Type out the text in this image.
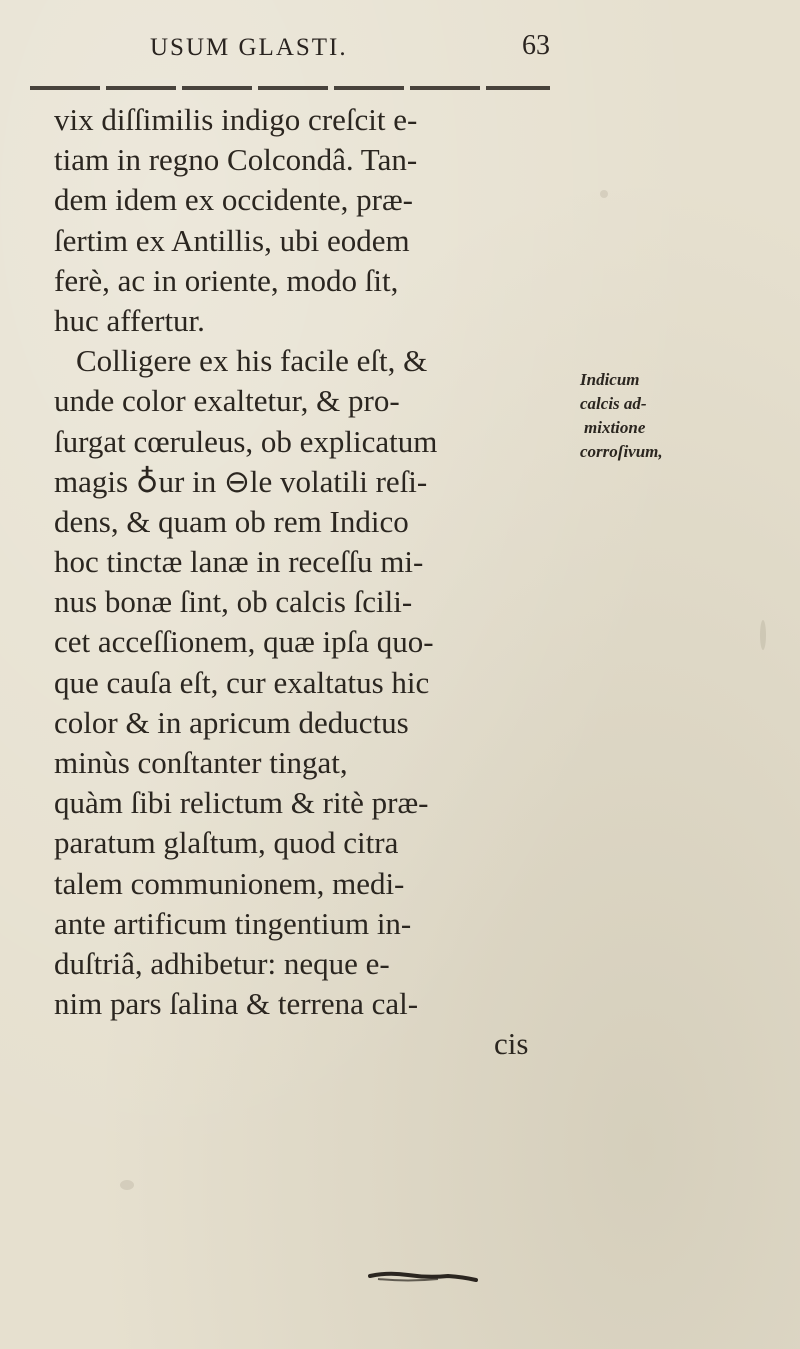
USUM GLASTI.	63
vix diſſimilis indigo creſcit e-
tiam in regno Colcondâ. Tan-
dem idem ex occidente, præ-
ſertim ex Antillis, ubi eodem
ferè, ac in oriente, modo ſit,
huc affertur.
Colligere ex his facile eſt, &
unde color exaltetur, & pro-
ſurgat cœruleus, ob explicatum
magis ♁ur in ⊖le volatili reſi-
dens, & quam ob rem Indico
hoc tinctæ lanæ in receſſu mi-
nus bonæ ſint, ob calcis ſcili-
cet acceſſionem, quæ ipſa quo-
que cauſa eſt, cur exaltatus hic
color & in apricum deductus
minùs conſtanter tingat,
quàm ſibi relictum & ritè præ-
paratum glaſtum, quod citra
talem communionem, medi-
ante artificum tingentium in-
duſtriâ, adhibetur: neque e-
nim pars ſalina & terrena cal-
cis
Indicum
calcis ad-
mixtione
corroſivum,
